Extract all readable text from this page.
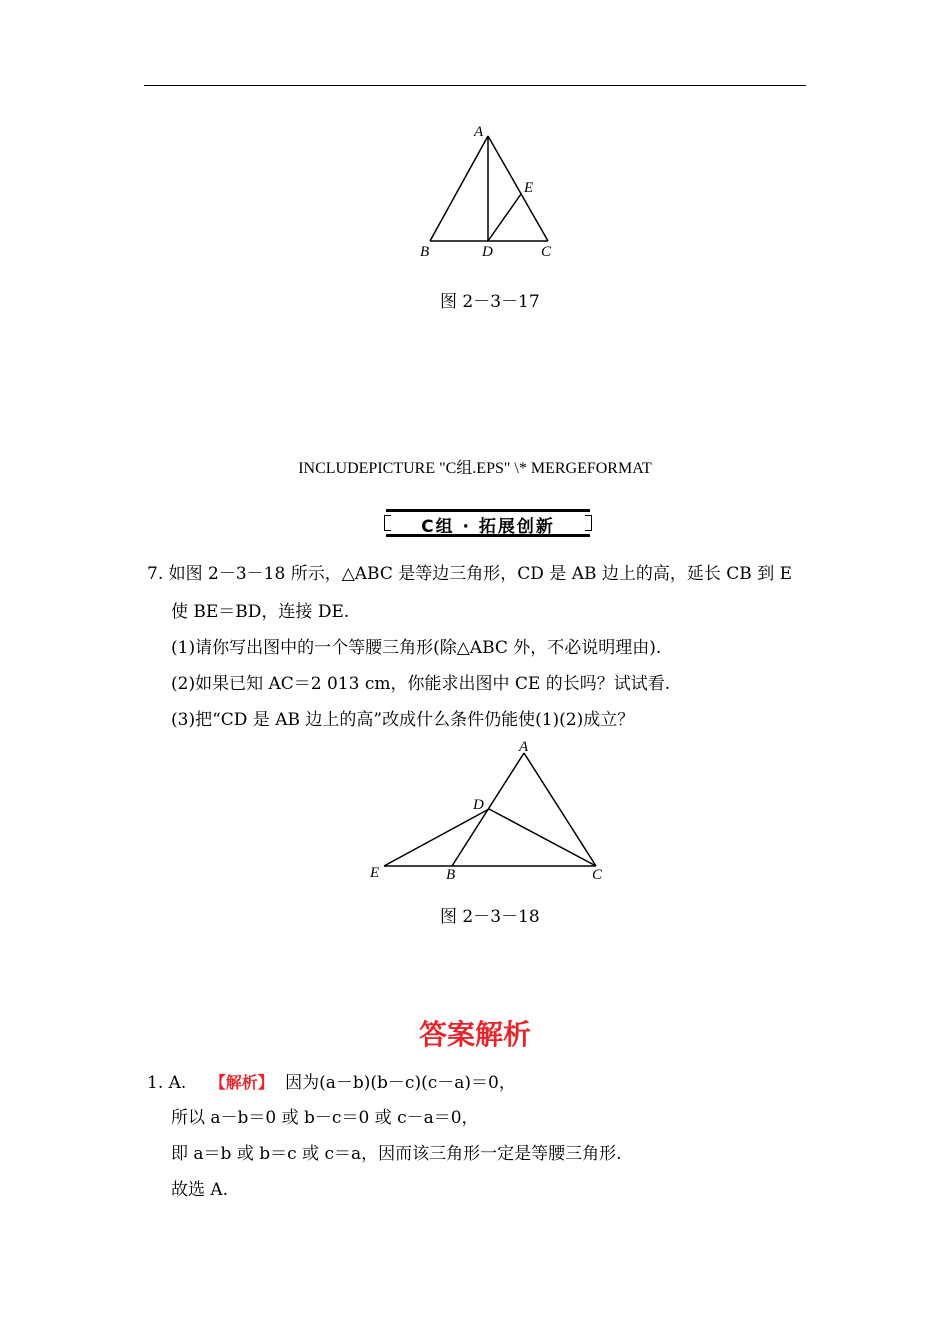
A
B	D	C
E
图 2－3－17
INCLUDEPICTURE "C组.EPS" \* MERGEFORMAT
C组 · 拓展创新
7. 如图 2－3－18 所示，△ABC 是等边三角形，CD 是 AB 边上的高，延长 CB 到 E
使 BE＝BD，连接 DE.
(1)请你写出图中的一个等腰三角形(除△ABC 外，不必说明理由).
(2)如果已知 AC＝2 013 cm，你能求出图中 CE 的长吗？试试看.
(3)把“CD 是 AB 边上的高”改成什么条件仍能使(1)(2)成立？
A
D
E	B	C
图 2－3－18
答案解析
1. A. 【解析】 因为(a－b)(b－c)(c－a)＝0，
所以 a－b＝0 或 b－c＝0 或 c－a＝0，
即 a＝b 或 b＝c 或 c＝a，因而该三角形一定是等腰三角形.
故选 A.
